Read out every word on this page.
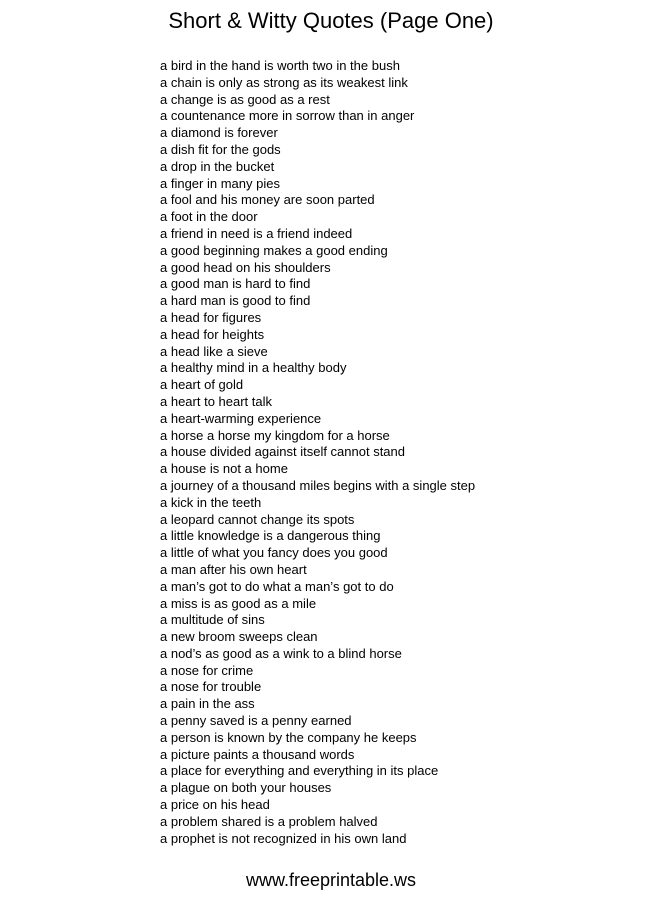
Short & Witty Quotes (Page One)
a bird in the hand is worth two in the bush
a chain is only as strong as its weakest link
a change is as good as a rest
a countenance more in sorrow than in anger
a diamond is forever
a dish fit for the gods
a drop in the bucket
a finger in many pies
a fool and his money are soon parted
a foot in the door
a friend in need is a friend indeed
a good beginning makes a good ending
a good head on his shoulders
a good man is hard to find
a hard man is good to find
a head for figures
a head for heights
a head like a sieve
a healthy mind in a healthy body
a heart of gold
a heart to heart talk
a heart-warming experience
a horse a horse my kingdom for a horse
a house divided against itself cannot stand
a house is not a home
a journey of a thousand miles begins with a single step
a kick in the teeth
a leopard cannot change its spots
a little knowledge is a dangerous thing
a little of what you fancy does you good
a man after his own heart
a man’s got to do what a man’s got to do
a miss is as good as a mile
a multitude of sins
a new broom sweeps clean
a nod’s as good as a wink to a blind horse
a nose for crime
a nose for trouble
a pain in the ass
a penny saved is a penny earned
a person is known by the company he keeps
a picture paints a thousand words
a place for everything and everything in its place
a plague on both your houses
a price on his head
a problem shared is a problem halved
a prophet is not recognized in his own land
www.freeprintable.ws
